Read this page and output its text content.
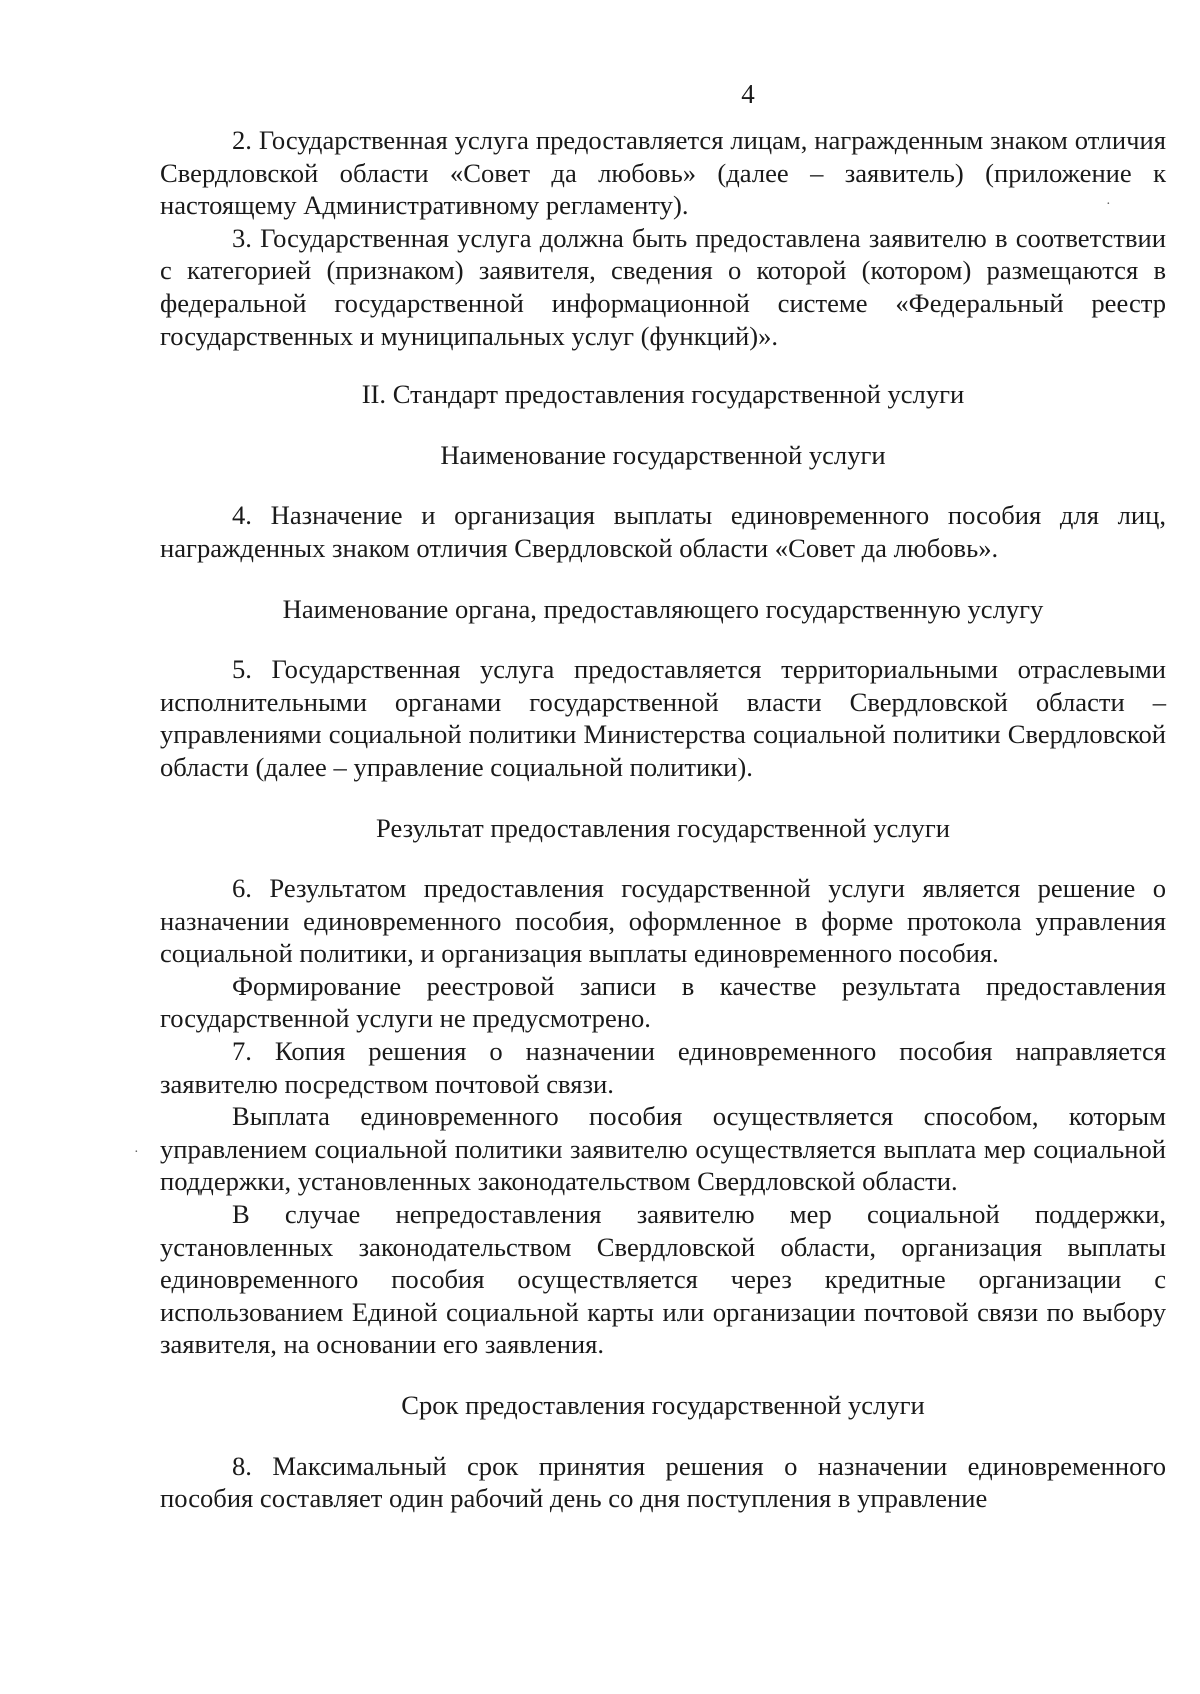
4

2. Государственная услуга предоставляется лицам, награжденным знаком отличия Свердловской области «Совет да любовь» (далее – заявитель) (приложение к настоящему Административному регламенту).

3. Государственная услуга должна быть предоставлена заявителю в соответствии с категорией (признаком) заявителя, сведения о которой (котором) размещаются в федеральной государственной информационной системе «Федеральный реестр государственных и муниципальных услуг (функций)».

II. Стандарт предоставления государственной услуги

Наименование государственной услуги

4. Назначение и организация выплаты единовременного пособия для лиц, награжденных знаком отличия Свердловской области «Совет да любовь».

Наименование органа, предоставляющего государственную услугу

5. Государственная услуга предоставляется территориальными отраслевыми исполнительными органами государственной власти Свердловской области – управлениями социальной политики Министерства социальной политики Свердловской области (далее – управление социальной политики).

Результат предоставления государственной услуги

6. Результатом предоставления государственной услуги является решение о назначении единовременного пособия, оформленное в форме протокола управления социальной политики, и организация выплаты единовременного пособия.

Формирование реестровой записи в качестве результата предоставления государственной услуги не предусмотрено.

7. Копия решения о назначении единовременного пособия направляется заявителю посредством почтовой связи.

Выплата единовременного пособия осуществляется способом, которым управлением социальной политики заявителю осуществляется выплата мер социальной поддержки, установленных законодательством Свердловской области.

В случае непредоставления заявителю мер социальной поддержки, установленных законодательством Свердловской области, организация выплаты единовременного пособия осуществляется через кредитные организации с использованием Единой социальной карты или организации почтовой связи по выбору заявителя, на основании его заявления.

Срок предоставления государственной услуги

8. Максимальный срок принятия решения о назначении единовременного пособия составляет один рабочий день со дня поступления в управление

·
·
